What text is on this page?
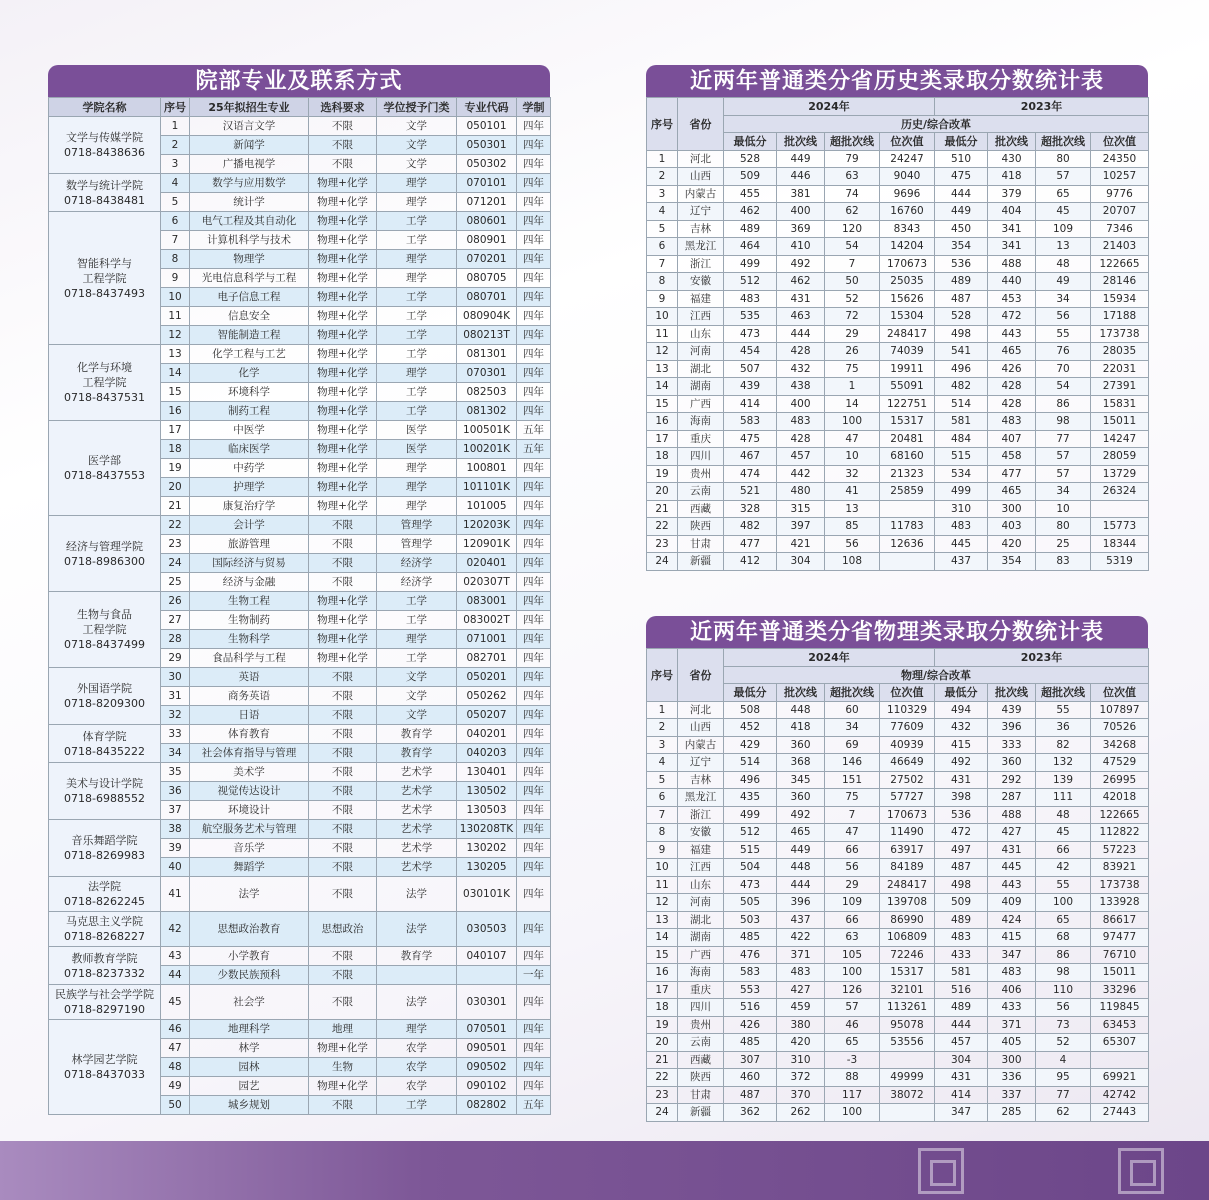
院部专业及联系方式
学院名称	序号	25年拟招生专业	选科要求	学位授予门类	专业代码	学制

文学与传媒学院
0718-8438636	1	汉语言文学	不限	文学	050101	四年
	2	新闻学	不限	文学	050301	四年
	3	广播电视学	不限	文学	050302	四年

数学与统计学院
0718-8438481	4	数学与应用数学	物理+化学	理学	070101	四年
	5	统计学	物理+化学	理学	071201	四年

智能科学与
工程学院
0718-8437493	6	电气工程及其自动化	物理+化学	工学	080601	四年
	7	计算机科学与技术	物理+化学	工学	080901	四年
	8	物理学	物理+化学	理学	070201	四年
	9	光电信息科学与工程	物理+化学	理学	080705	四年
	10	电子信息工程	物理+化学	工学	080701	四年
	11	信息安全	物理+化学	工学	080904K	四年
	12	智能制造工程	物理+化学	工学	080213T	四年

化学与环境
工程学院
0718-8437531	13	化学工程与工艺	物理+化学	工学	081301	四年
	14	化学	物理+化学	理学	070301	四年
	15	环境科学	物理+化学	工学	082503	四年
	16	制药工程	物理+化学	工学	081302	四年

医学部
0718-8437553	17	中医学	物理+化学	医学	100501K	五年
	18	临床医学	物理+化学	医学	100201K	五年
	19	中药学	物理+化学	理学	100801	四年
	20	护理学	物理+化学	理学	101101K	四年
	21	康复治疗学	物理+化学	理学	101005	四年

经济与管理学院
0718-8986300	22	会计学	不限	管理学	120203K	四年
	23	旅游管理	不限	管理学	120901K	四年
	24	国际经济与贸易	不限	经济学	020401	四年
	25	经济与金融	不限	经济学	020307T	四年

生物与食品
工程学院
0718-8437499	26	生物工程	物理+化学	工学	083001	四年
	27	生物制药	物理+化学	工学	083002T	四年
	28	生物科学	物理+化学	理学	071001	四年
	29	食品科学与工程	物理+化学	工学	082701	四年

外国语学院
0718-8209300	30	英语	不限	文学	050201	四年
	31	商务英语	不限	文学	050262	四年
	32	日语	不限	文学	050207	四年

体育学院
0718-8435222	33	体育教育	不限	教育学	040201	四年
	34	社会体育指导与管理	不限	教育学	040203	四年

美术与设计学院
0718-6988552	35	美术学	不限	艺术学	130401	四年
	36	视觉传达设计	不限	艺术学	130502	四年
	37	环境设计	不限	艺术学	130503	四年

音乐舞蹈学院
0718-8269983	38	航空服务艺术与管理	不限	艺术学	130208TK	四年
	39	音乐学	不限	艺术学	130202	四年
	40	舞蹈学	不限	艺术学	130205	四年

法学院
0718-8262245	41	法学	不限	法学	030101K	四年

马克思主义学院
0718-8268227	42	思想政治教育	思想政治	法学	030503	四年

教师教育学院
0718-8237332	43	小学教育	不限	教育学	040107	四年
	44	少数民族预科	不限			一年

民族学与社会学学院
0718-8297190	45	社会学	不限	法学	030301	四年

林学园艺学院
0718-8437033	46	地理科学	地理	理学	070501	四年
	47	林学	物理+化学	农学	090501	四年
	48	园林	生物	农学	090502	四年
	49	园艺	物理+化学	农学	090102	四年
	50	城乡规划	不限	工学	082802	五年
近两年普通类分省历史类录取分数统计表
序号	省份	2024年				2023年			
		历史/综合改革							
		最低分	批次线	超批次线	位次值	最低分	批次线	超批次线	位次值
1	河北	528	449	79	24247	510	430	80	24350
2	山西	509	446	63	9040	475	418	57	10257
3	内蒙古	455	381	74	9696	444	379	65	9776
4	辽宁	462	400	62	16760	449	404	45	20707
5	吉林	489	369	120	8343	450	341	109	7346
6	黑龙江	464	410	54	14204	354	341	13	21403
7	浙江	499	492	7	170673	536	488	48	122665
8	安徽	512	462	50	25035	489	440	49	28146
9	福建	483	431	52	15626	487	453	34	15934
10	江西	535	463	72	15304	528	472	56	17188
11	山东	473	444	29	248417	498	443	55	173738
12	河南	454	428	26	74039	541	465	76	28035
13	湖北	507	432	75	19911	496	426	70	22031
14	湖南	439	438	1	55091	482	428	54	27391
15	广西	414	400	14	122751	514	428	86	15831
16	海南	583	483	100	15317	581	483	98	15011
17	重庆	475	428	47	20481	484	407	77	14247
18	四川	467	457	10	68160	515	458	57	28059
19	贵州	474	442	32	21323	534	477	57	13729
20	云南	521	480	41	25859	499	465	34	26324
21	西藏	328	315	13		310	300	10	
22	陕西	482	397	85	11783	483	403	80	15773
23	甘肃	477	421	56	12636	445	420	25	18344
24	新疆	412	304	108		437	354	83	5319
近两年普通类分省物理类录取分数统计表
序号	省份	2024年				2023年			
		物理/综合改革							
		最低分	批次线	超批次线	位次值	最低分	批次线	超批次线	位次值
1	河北	508	448	60	110329	494	439	55	107897
2	山西	452	418	34	77609	432	396	36	70526
3	内蒙古	429	360	69	40939	415	333	82	34268
4	辽宁	514	368	146	46649	492	360	132	47529
5	吉林	496	345	151	27502	431	292	139	26995
6	黑龙江	435	360	75	57727	398	287	111	42018
7	浙江	499	492	7	170673	536	488	48	122665
8	安徽	512	465	47	11490	472	427	45	112822
9	福建	515	449	66	63917	497	431	66	57223
10	江西	504	448	56	84189	487	445	42	83921
11	山东	473	444	29	248417	498	443	55	173738
12	河南	505	396	109	139708	509	409	100	133928
13	湖北	503	437	66	86990	489	424	65	86617
14	湖南	485	422	63	106809	483	415	68	97477
15	广西	476	371	105	72246	433	347	86	76710
16	海南	583	483	100	15317	581	483	98	15011
17	重庆	553	427	126	32101	516	406	110	33296
18	四川	516	459	57	113261	489	433	56	119845
19	贵州	426	380	46	95078	444	371	73	63453
20	云南	485	420	65	53556	457	405	52	65307
21	西藏	307	310	-3		304	300	4	
22	陕西	460	372	88	49999	431	336	95	69921
23	甘肃	487	370	117	38072	414	337	77	42742
24	新疆	362	262	100		347	285	62	27443
